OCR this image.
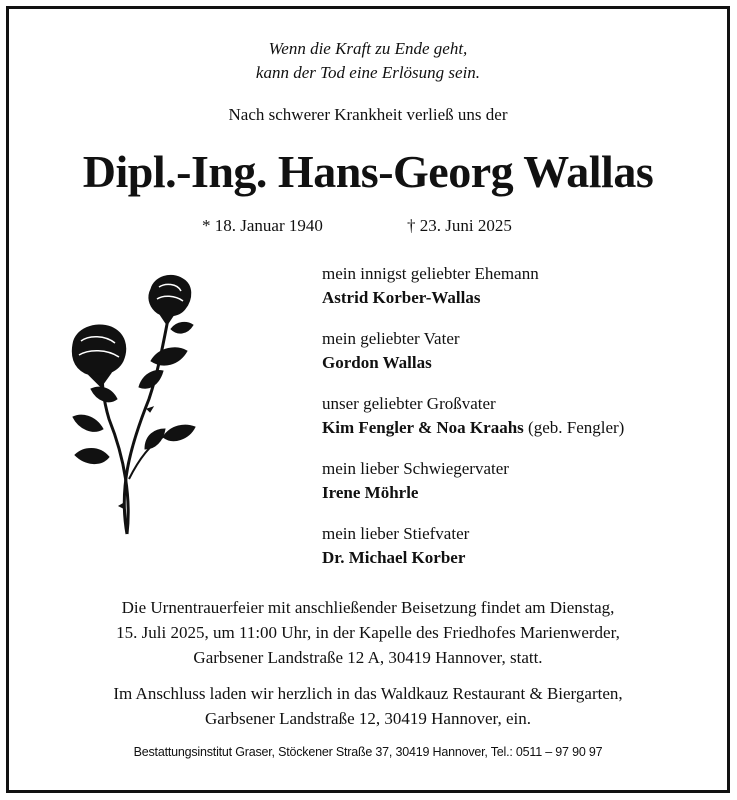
Wenn die Kraft zu Ende geht,
kann der Tod eine Erlösung sein.
Nach schwerer Krankheit verließ uns der
Dipl.-Ing. Hans-Georg Wallas
* 18. Januar 1940	† 23. Juni 2025
mein innigst geliebter Ehemann
Astrid Korber-Wallas
mein geliebter Vater
Gordon Wallas
unser geliebter Großvater
Kim Fengler & Noa Kraahs (geb. Fengler)
mein lieber Schwiegervater
Irene Möhrle
mein lieber Stiefvater
Dr. Michael Korber
Die Urnentrauerfeier mit anschließender Beisetzung findet am Dienstag,
15. Juli 2025, um 11:00 Uhr, in der Kapelle des Friedhofes Marienwerder,
Garbsener Landstraße 12 A, 30419 Hannover, statt.
Im Anschluss laden wir herzlich in das Waldkauz Restaurant & Biergarten,
Garbsener Landstraße 12, 30419 Hannover, ein.
Bestattungsinstitut Graser, Stöckener Straße 37, 30419 Hannover, Tel.: 0511 – 97 90 97
